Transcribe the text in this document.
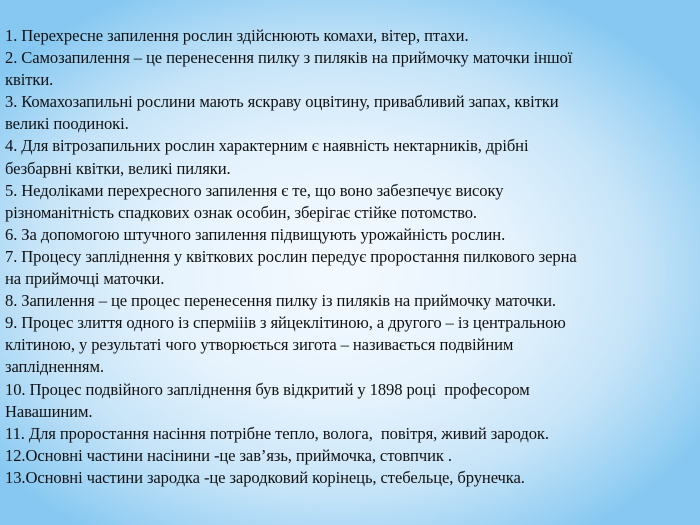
1. Перехресне запилення рослин здійснюють комахи, вітер, птахи.
2. Самозапилення – це перенесення пилку з пиляків на приймочку маточки іншої
квітки.
3. Комахозапильні рослини мають яскраву оцвітину, привабливий запах, квітки
великі поодинокі.
4. Для вітрозапильних рослин характерним є наявність нектарників, дрібні
безбарвні квітки, великі пиляки.
5. Недоліками перехресного запилення є те, що воно забезпечує високу
різноманітність спадкових ознак особин, зберігає стійке потомство.
6. За допомогою штучного запилення підвищують урожайність рослин.
7. Процесу запліднення у квіткових рослин передує проростання пилкового зерна
на приймочці маточки.
8. Запилення – це процес перенесення пилку із пиляків на приймочку маточки.
9. Процес злиття одного із спермііів з яйцеклітиною, а другого – із центральною
клітиною, у результаті чого утворюється зигота – називається подвійним
заплідненням.
10. Процес подвійного запліднення був відкритий у 1898 році  професором
Навашиним.
11. Для проростання насіння потрібне тепло, волога,  повітря, живий зародок.
12.Основні частини насінини -це зав’язь, приймочка, стовпчик .
13.Основні частини зародка -це зародковий корінець, стебельце, брунечка.
